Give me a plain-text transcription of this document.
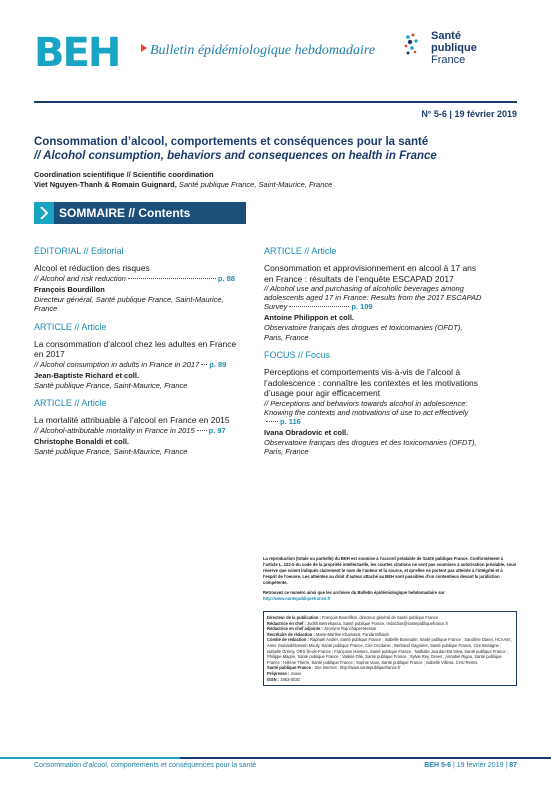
BEH Bulletin épidémiologique hebdomadaire
Santé
publique
France
N° 5-6 | 19 février 2019
Consommation d’alcool, comportements et conséquences pour la santé
// Alcohol consumption, behaviors and consequences on health in France
Coordination scientifique // Scientific coordination
Viet Nguyen-Thanh & Romain Guignard, Santé publique France, Saint-Maurice, France
SOMMAIRE // Contents
ÉDITORIAL // Editorial
Alcool et réduction des risques
// Alcohol and risk reduction	p. 88
François Bourdillon
Directeur général, Santé publique France, Saint-Maurice, France
ARTICLE // Article
La consommation d’alcool chez les adultes en France en 2017
// Alcohol consumption in adults in France in 2017 p. 89
Jean-Baptiste Richard et coll.
Santé publique France, Saint-Maurice, France
ARTICLE // Article
La mortalité attribuable à l’alcool en France en 2015
// Alcohol-attributable mortality in France in 2015 p. 97
Christophe Bonaldi et coll.
Santé publique France, Saint-Maurice, France
ARTICLE // Article
Consommation et approvisionnement en alcool à 17 ans en France : résultats de l’enquête ESCAPAD 2017
// Alcohol use and purchasing of alcoholic beverages among adolescents aged 17 in France: Results from the 2017 ESCAPAD Survey	p. 109
Antoine Philippon et coll.
Observatoire français des drogues et toxicomanies (OFDT), Paris, France
FOCUS // Focus
Perceptions et comportements vis-à-vis de l’alcool à l’adolescence : connaître les contextes et les motivations d’usage pour agir efficacement
// Perceptions and behaviors towards alcohol in adolescence: Knowing the contexts and motivations of use to act effectivelyp. 116
Ivana Obradovic et coll.
Observatoire français des drogues et des toxicomanies (OFDT), Paris, France

La reproduction (totale ou partielle) du BEH est soumise à l’accord préalable de Santé publique France. Conformément à l’article L. 122-5 du code de la propriété intellectuelle, les courtes citations ne sont pas soumises à autorisation préalable, sous réserve que soient indiqués clairement le nom de l’auteur et la source, et qu’elles ne portent pas atteinte à l’intégrité et à l’esprit de l’oeuvre. Les atteintes au droit d’auteur attaché au BEH sont passibles d’un contentieux devant la juridiction compétente.

Retrouvez ce numéro ainsi que les archives du Bulletin épidémiologique hebdomadaire sur
http://www.santepubliquefrance.fr

Directeur de la publication : François Bourdillon, directeur général de Santé publique France
Rédactrice en chef : Judith Benrekassa, Santé publique France, redaction@santepubliquefrance.fr
Rédactrice en chef adjointe : Jocelyne Rajnchapel-Messaï
Secrétaire de rédaction : Marie-Martine Khamassi, Farida Mihoub
Comité de rédaction : Raphaël Andler, Santé publique France ; Isabelle Bonmarin, Santé publique France ; Sandrine Danet, HCAAM ; Anne Guinard/Damien Mouly, Santé publique France, Cire Occitanie ; Bertrand Gagnière, Santé publique France, Cire Bretagne ; Isabelle Grémy, ORS Île-de-France ; Françoise Hamers, Santé publique France ; Nathalie Jourdan-Da Silva, Santé publique France ; Philippe Magne, Santé publique France ; Valérie Olié, Santé publique France ; Sylvie Rey, Drees ; Annabel Rigou, Santé publique France ; Hélène Therre, Santé publique France ; Sophie Vaux, Santé publique France ; Isabelle Villena, CHU Reims.
Santé publique France - Site Internet : http://www.santepubliquefrance.fr
Prépresse : Jouve
ISSN : 1953-8030
Consommation d’alcool, comportements et conséquences pour la santé	BEH 5-6 | 19 février 2019 | 87
